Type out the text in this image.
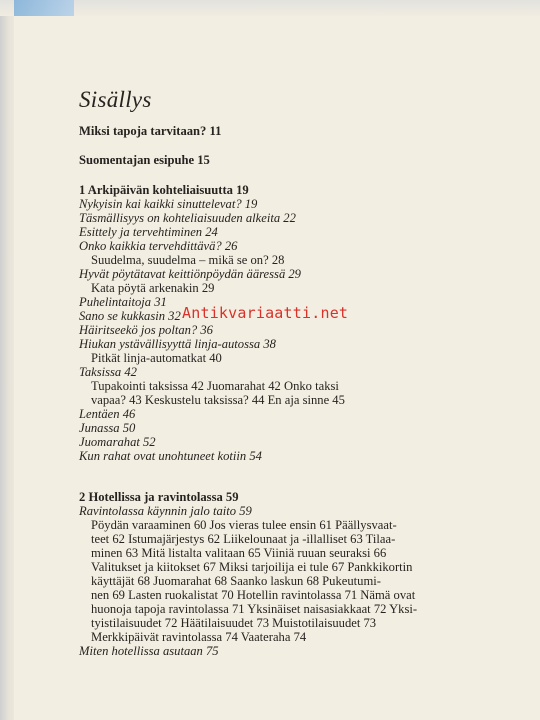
Sisällys
Miksi tapoja tarvitaan? 11
Suomentajan esipuhe 15
1 Arkipäivän kohteliaisuutta 19
Nykyisin kai kaikki sinuttelevat? 19
Täsmällisyys on kohteliaisuuden alkeita 22
Esittely ja tervehtiminen 24
Onko kaikkia tervehdittävä? 26
Suudelma, suudelma – mikä se on? 28
Hyvät pöytätavat keittiönpöydän ääressä 29
Kata pöytä arkenakin 29
Puhelintaitoja 31
Sano se kukkasin 32
Häiritseekö jos poltan? 36
Hiukan ystävällisyyttä linja-autossa 38
Pitkät linja-automatkat 40
Taksissa 42
Tupakointi taksissa 42 Juomarahat 42 Onko taksi
vapaa? 43 Keskustelu taksissa? 44 En aja sinne 45
Lentäen 46
Junassa 50
Juomarahat 52
Kun rahat ovat unohtuneet kotiin 54
2 Hotellissa ja ravintolassa 59
Ravintolassa käynnin jalo taito 59
Pöydän varaaminen 60 Jos vieras tulee ensin 61 Päällysvaat-
teet 62 Istumajärjestys 62 Liikelounaat ja -illalliset 63 Tilaa-
minen 63 Mitä listalta valitaan 65 Viiniä ruuan seuraksi 66
Valitukset ja kiitokset 67 Miksi tarjoilija ei tule 67 Pankkikortin
käyttäjät 68 Juomarahat 68 Saanko laskun 68 Pukeutumi-
nen 69 Lasten ruokalistat 70 Hotellin ravintolassa 71 Nämä ovat
huonoja tapoja ravintolassa 71 Yksinäiset naisasiakkaat 72 Yksi-
tyistilaisuudet 72 Häätilaisuudet 73 Muistotilaisuudet 73
Merkkipäivät ravintolassa 74 Vaateraha 74
Miten hotellissa asutaan 75
Antikvariaatti.net
